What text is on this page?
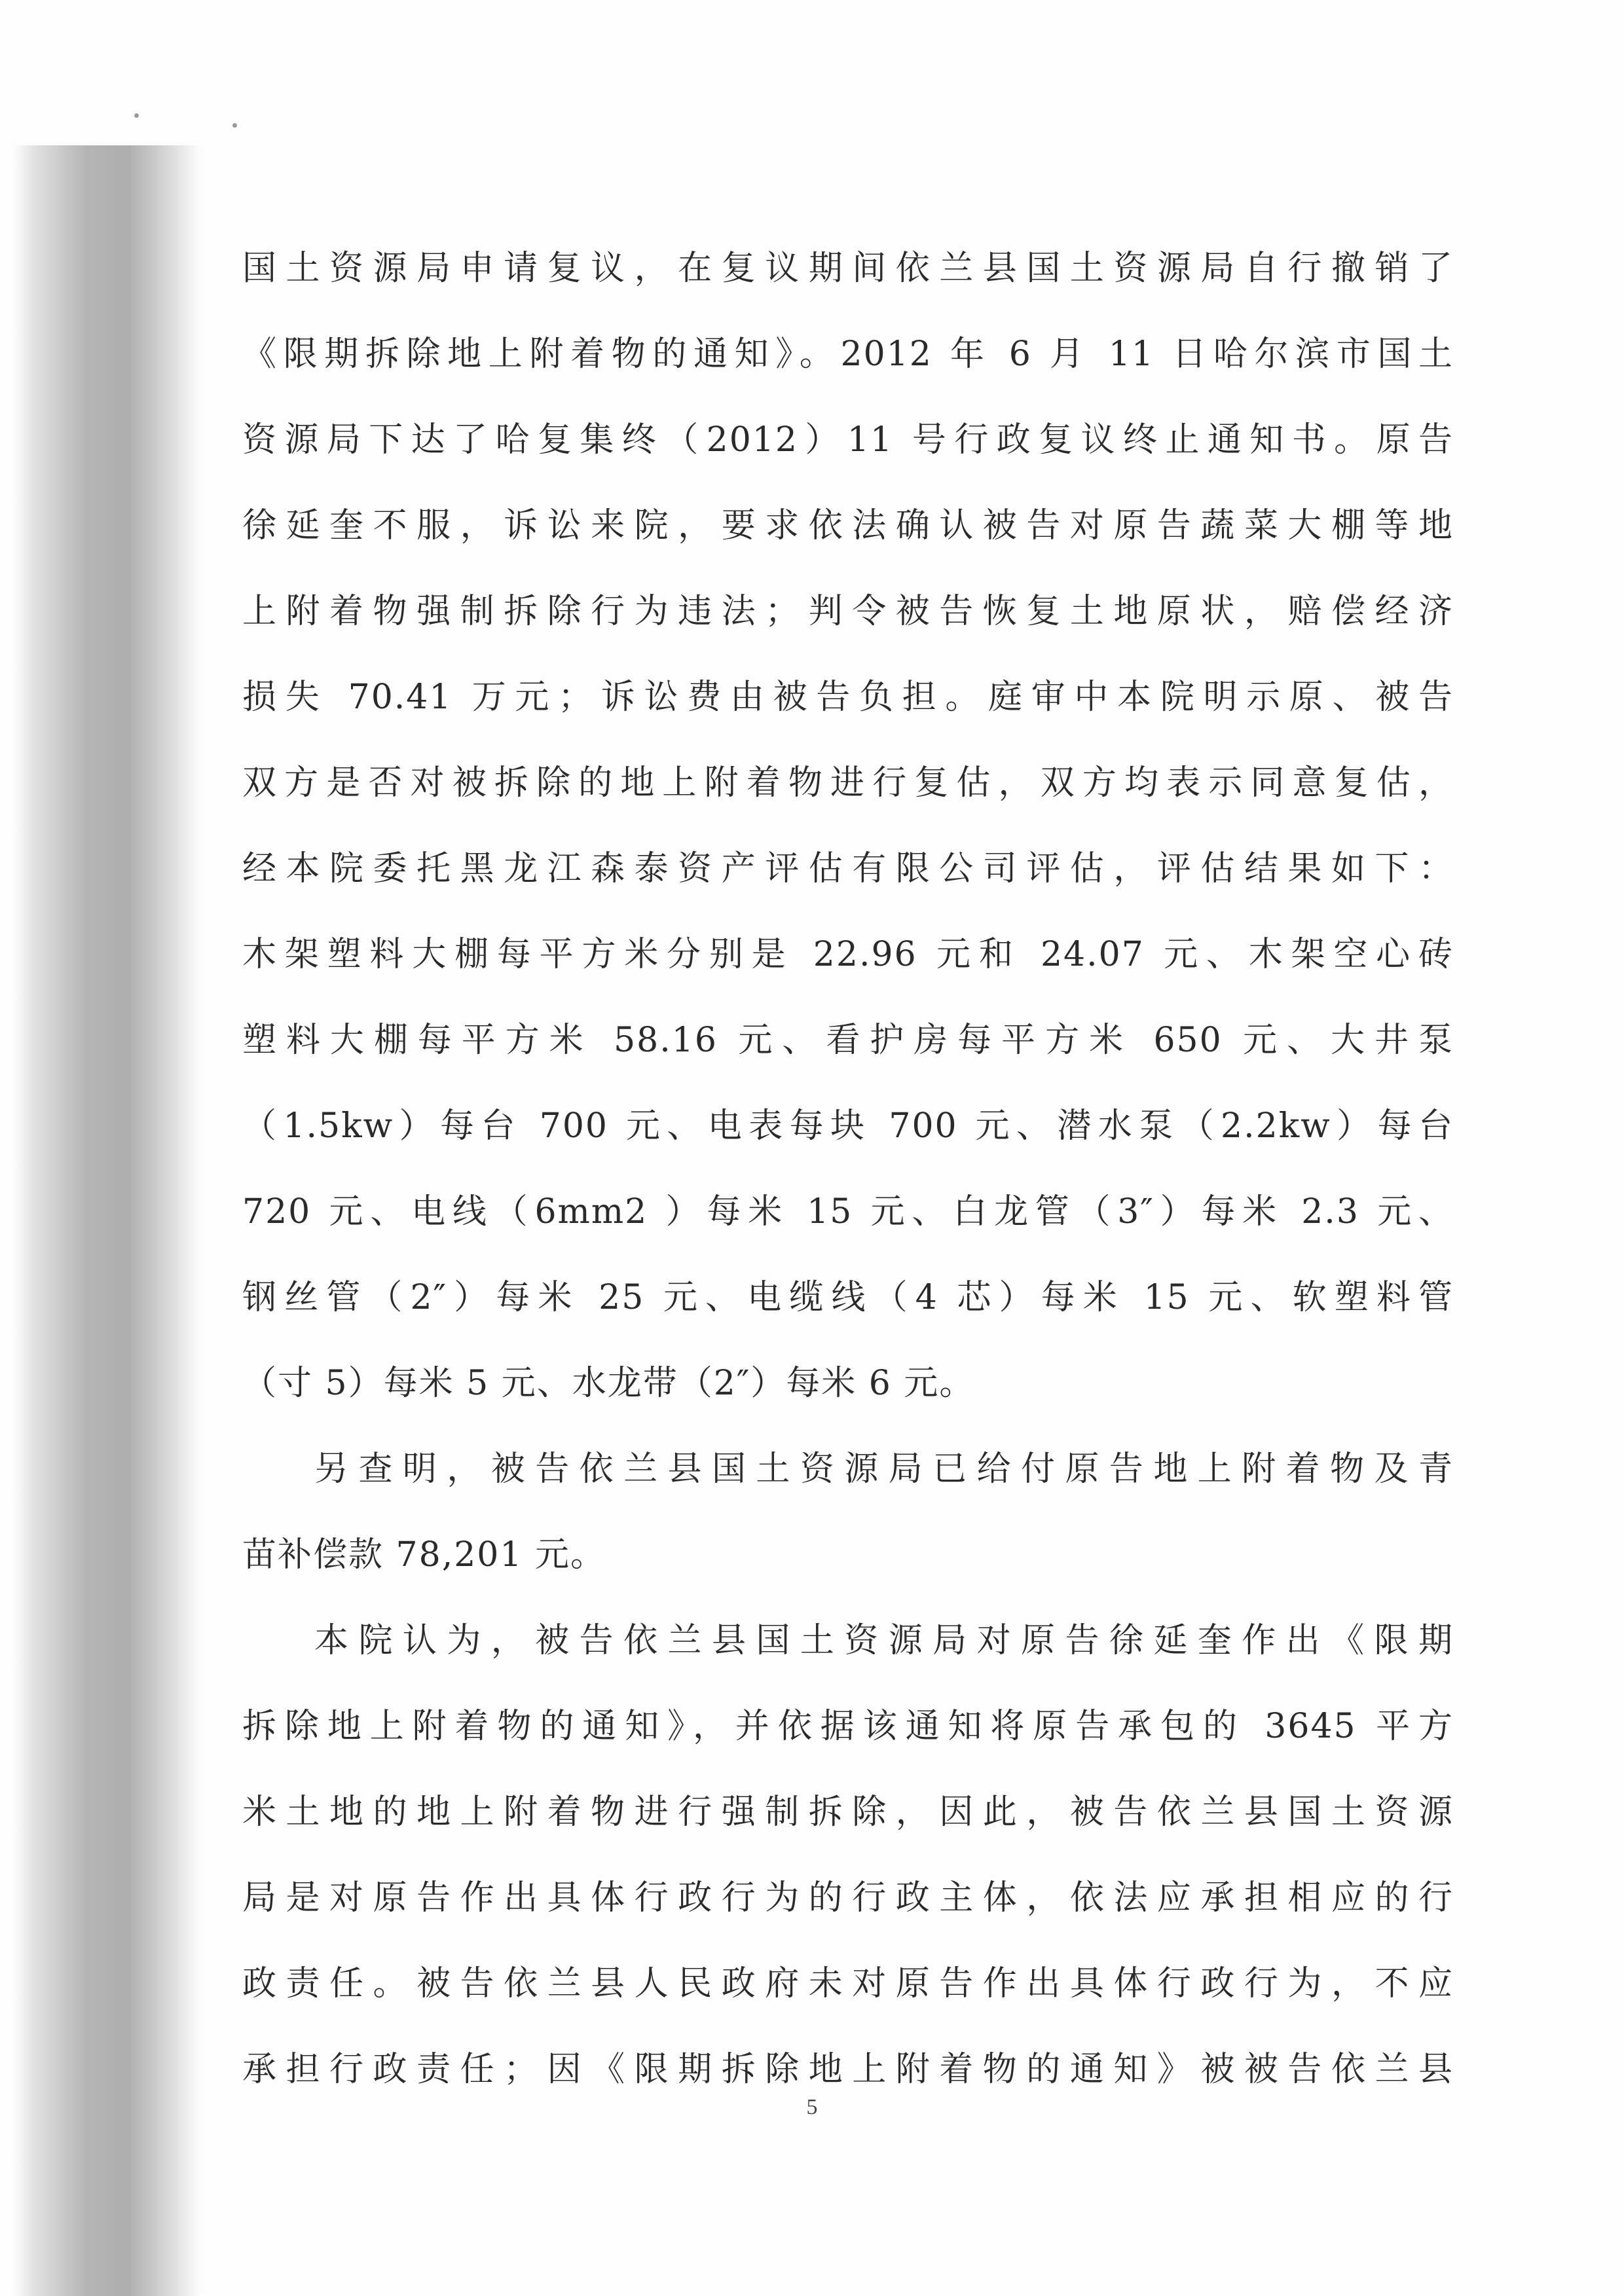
国土资源局申请复议，在复议期间依兰县国土资源局自行撤销了
《限期拆除地上附着物的通知》。2012 年 6 月 11 日哈尔滨市国土
资源局下达了哈复集终（2012）11 号行政复议终止通知书。原告
徐延奎不服，诉讼来院，要求依法确认被告对原告蔬菜大棚等地
上附着物强制拆除行为违法；判令被告恢复土地原状，赔偿经济
损失 70.41 万元；诉讼费由被告负担。庭审中本院明示原、被告
双方是否对被拆除的地上附着物进行复估，双方均表示同意复估，
经本院委托黑龙江森泰资产评估有限公司评估，评估结果如下：
木架塑料大棚每平方米分别是 22.96 元和 24.07 元、木架空心砖
塑料大棚每平方米 58.16 元、看护房每平方米 650 元、大井泵
（1.5kw）每台 700 元、电表每块 700 元、潜水泵（2.2kw）每台
720 元、电线（6mm2 ）每米 15 元、白龙管（3″）每米 2.3 元、
钢丝管（2″）每米 25 元、电缆线（4 芯）每米 15 元、软塑料管
（寸 5）每米 5 元、水龙带（2″）每米 6 元。
另查明，被告依兰县国土资源局已给付原告地上附着物及青
苗补偿款 78,201 元。
本院认为，被告依兰县国土资源局对原告徐延奎作出《限期
拆除地上附着物的通知》，并依据该通知将原告承包的 3645 平方
米土地的地上附着物进行强制拆除，因此，被告依兰县国土资源
局是对原告作出具体行政行为的行政主体，依法应承担相应的行
政责任。被告依兰县人民政府未对原告作出具体行政行为，不应
承担行政责任；因《限期拆除地上附着物的通知》被被告依兰县
5
